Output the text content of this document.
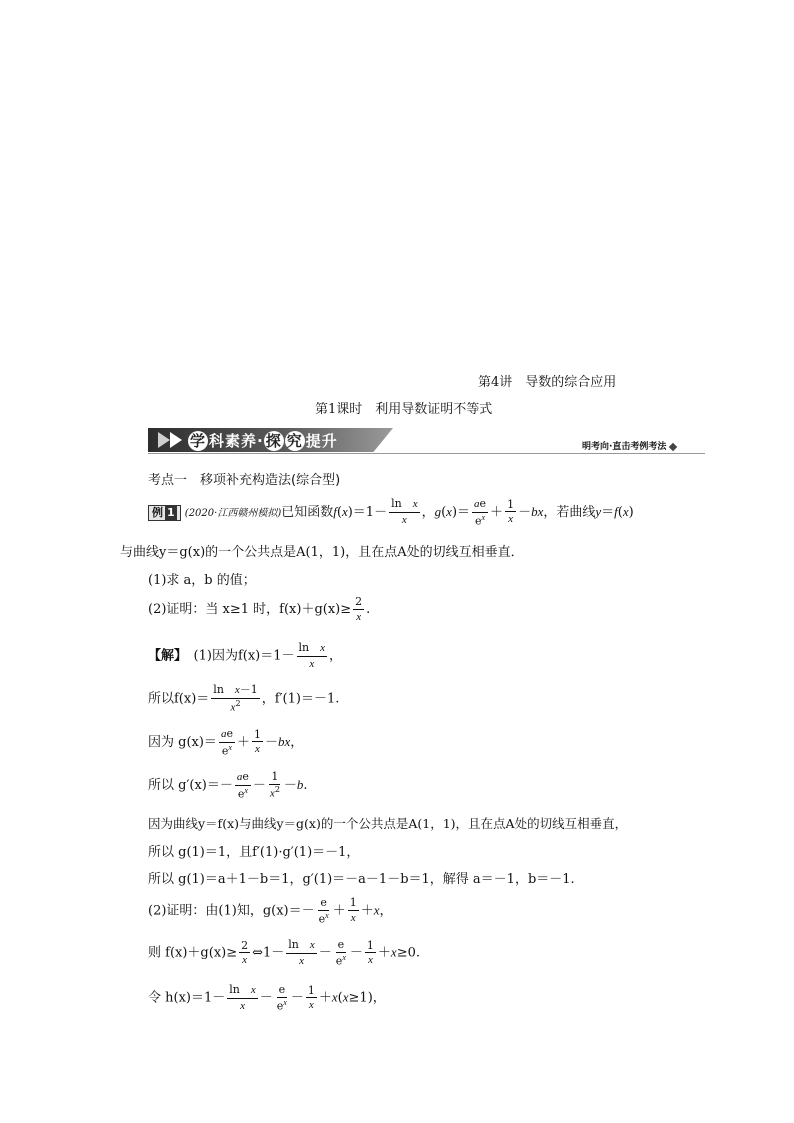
第4讲　导数的综合应用
第1课时　利用导数证明不等式
学 科素养· 探 究 提升	明考向·直击考例考法
考点一　移项补充构造法(综合型)
例 1 (2020·江西赣州模拟)已知函数$f(x)=1- \frac{\text{ln　x}}{x}$ ，$g(x)= \frac{ae}{e^x} + \frac{1}{x} -bx$，若曲线y＝f(x)
与曲线y＝g(x)的一个公共点是A(1，1)，且在点A处的切线互相垂直．
(1)求 a，b 的值；
(2)证明：当 x≥1 时，$f(x)+g(x)\ge \frac{2}{x}$ .
【解】　 (1)因为$f(x)=1- \frac{\text{ln　x}}{x}$ ，
所以$f(x)= \frac{\text{ln　x－1}}{x^2}$ ，f′(1)＝－1.
因为 $g(x)= \frac{ae}{e^x} + \frac{1}{x} -bx$，
所以 $g'(x)=- \frac{ae}{e^x} - \frac{1}{x^2} -b$.
因为曲线y＝f(x)与曲线y＝g(x)的一个公共点是A(1，1)，且在点A处的切线互相垂直，
所以 g(1)＝1，且f′(1)·g′(1)＝－1，
所以 g(1)＝a＋1－b＝1，g′(1)＝－a－1－b＝1，解得 a＝－1，b＝－1.
(2)证明：由(1)知，$g(x)=- \frac{e}{e^x} + \frac{1}{x} +x$，
则 $f(x)+g(x)\ge \frac{2}{x}$ ⇔1－ $\frac{\text{ln　x}}{x} - \frac{e}{e^x} - \frac{1}{x} +x\ge 0$.
令 $h(x)=1- \frac{\text{ln　x}}{x} - \frac{e}{e^x} - \frac{1}{x} +x(x\ge 1)$，
